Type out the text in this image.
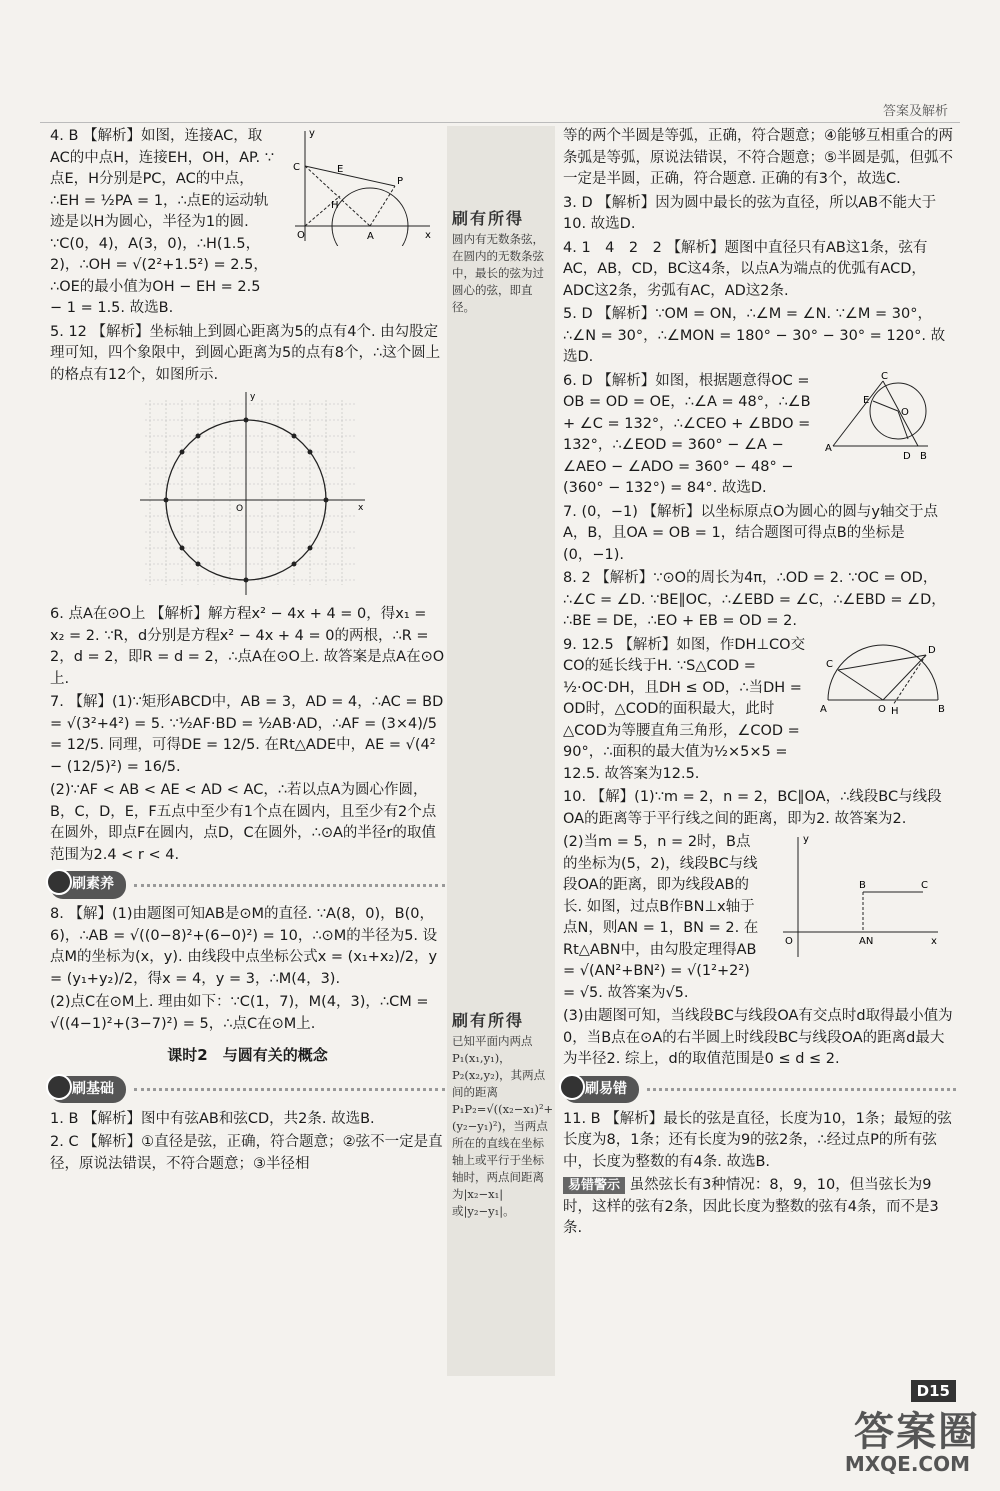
答案及解析

4. B 【解析】如图，连接AC，取AC的中点H，连接EH，OH，AP. ∵点E，H分别是PC，AC的中点，∴EH = ½PA = 1，∴点E的运动轨迹是以H为圆心，半径为1的圆. ∵C(0，4)，A(3，0)，∴H(1.5，2)，∴OH = √(2²+1.5²) = 2.5，∴OE的最小值为OH − EH = 2.5 − 1 = 1.5. 故选B.

C	E
P
H
O	A	x
y

5. 12 【解析】坐标轴上到圆心距离为5的点有4个. 由勾股定理可知，四个象限中，到圆心距离为5的点有8个，∴这个圆上的格点有12个，如图所示.

y
x
O

6. 点A在⊙O上 【解析】解方程x² − 4x + 4 = 0，得x₁ = x₂ = 2. ∵R，d分别是方程x² − 4x + 4 = 0的两根，∴R = 2，d = 2，即R = d = 2，∴点A在⊙O上. 故答案是点A在⊙O上.

7. 【解】(1)∵矩形ABCD中，AB = 3，AD = 4，∴AC = BD = √(3²+4²) = 5. ∵½AF·BD = ½AB·AD，∴AF = (3×4)/5 = 12/5. 同理，可得DE = 12/5. 在Rt△ADE中，AE = √(4² − (12/5)²) = 16/5.

(2)∵AF < AB < AE < AD < AC，∴若以点A为圆心作圆，B，C，D，E，F五点中至少有1个点在圆内，且至少有2个点在圆外，即点F在圆内，点D，C在圆外，∴⊙A的半径r的取值范围为2.4 < r < 4.

刷素养

8. 【解】(1)由题图可知AB是⊙M的直径. ∵A(8，0)，B(0，6)，∴AB = √((0−8)²+(6−0)²) = 10，∴⊙M的半径为5. 设点M的坐标为(x，y). 由线段中点坐标公式x = (x₁+x₂)/2，y = (y₁+y₂)/2，得x = 4，y = 3，∴M(4，3).

(2)点C在⊙M上. 理由如下：∵C(1，7)，M(4，3)，∴CM = √((4−1)²+(3−7)²) = 5，∴点C在⊙M上.

课时2　与圆有关的概念
刷基础

1. B 【解析】图中有弦AB和弦CD，共2条. 故选B.

2. C 【解析】①直径是弦，正确，符合题意；②弦不一定是直径，原说法错误，不符合题意；③半径相

刷有所得
圆内有无数条弦，在圆内的无数条弦中，最长的弦为过圆心的弦，即直径。
刷有所得
已知平面内两点P₁(x₁,y₁)，P₂(x₂,y₂)，其两点间的距离P₁P₂=√((x₂−x₁)²+(y₂−y₁)²)，当两点所在的直线在坐标轴上或平行于坐标轴时，两点间距离为|x₂−x₁|或|y₂−y₁|。

等的两个半圆是等弧，正确，符合题意；④能够互相重合的两条弧是等弧，原说法错误，不符合题意；⑤半圆是弧，但弧不一定是半圆，正确，符合题意. 正确的有3个，故选C.

3. D 【解析】因为圆中最长的弦为直径，所以AB不能大于10. 故选D.

4. 1　4　2　2 【解析】题图中直径只有AB这1条，弦有AC，AB，CD，BC这4条，以点A为端点的优弧有ACD，ADC这2条，劣弧有AC，AD这2条.

5. D 【解析】∵OM = ON，∴∠M = ∠N. ∵∠M = 30°，∴∠N = 30°，∴∠MON = 180° − 30° − 30° = 120°. 故选D.

6. D 【解析】如图，根据题意得OC = OB = OD = OE，∴∠A = 48°，∴∠B + ∠C = 132°，∴∠CEO + ∠BDO = 132°，∴∠EOD = 360° − ∠A − ∠AEO − ∠ADO = 360° − 48° − (360° − 132°) = 84°. 故选D.

C
E
O
A
D B

7. (0，−1) 【解析】以坐标原点O为圆心的圆与y轴交于点A，B，且OA = OB = 1，结合题图可得点B的坐标是(0，−1).

8. 2 【解析】∵⊙O的周长为4π，∴OD = 2. ∵OC = OD，∴∠C = ∠D. ∵BE∥OC，∴∠EBD = ∠C，∴∠EBD = ∠D，∴BE = DE，∴EO + EB = OD = 2.

9. 12.5 【解析】如图，作DH⊥CO交CO的延长线于H. ∵S△COD = ½·OC·DH，且DH ≤ OD，∴当DH = OD时，△COD的面积最大，此时△COD为等腰直角三角形，∠COD = 90°，∴面积的最大值为½×5×5 = 12.5. 故答案为12.5.

C
D
A	O H	B

10. 【解】(1)∵m = 2，n = 2，BC∥OA，∴线段BC与线段OA的距离等于平行线之间的距离，即为2. 故答案为2.

(2)当m = 5，n = 2时，B点的坐标为(5，2)，线段BC与线段OA的距离，即为线段AB的长. 如图，过点B作BN⊥x轴于点N，则AN = 1，BN = 2. 在Rt△ABN中，由勾股定理得AB = √(AN²+BN²) = √(1²+2²) = √5. 故答案为√5.

y
O
B	C
AN	x

(3)由题图可知，当线段BC与线段OA有交点时d取得最小值为0，当B点在⊙A的右半圆上时线段BC与线段OA的距离d最大为半径2. 综上，d的取值范围是0 ≤ d ≤ 2.

刷易错

11. B 【解析】最长的弦是直径，长度为10，1条；最短的弦长度为8，1条；还有长度为9的弦2条，∴经过点P的所有弦中，长度为整数的有4条. 故选B.

易错警示 虽然弦长有3种情况：8，9，10，但当弦长为9时，这样的弦有2条，因此长度为整数的弦有4条，而不是3条.

D15
答案圈
MXQE.COM
